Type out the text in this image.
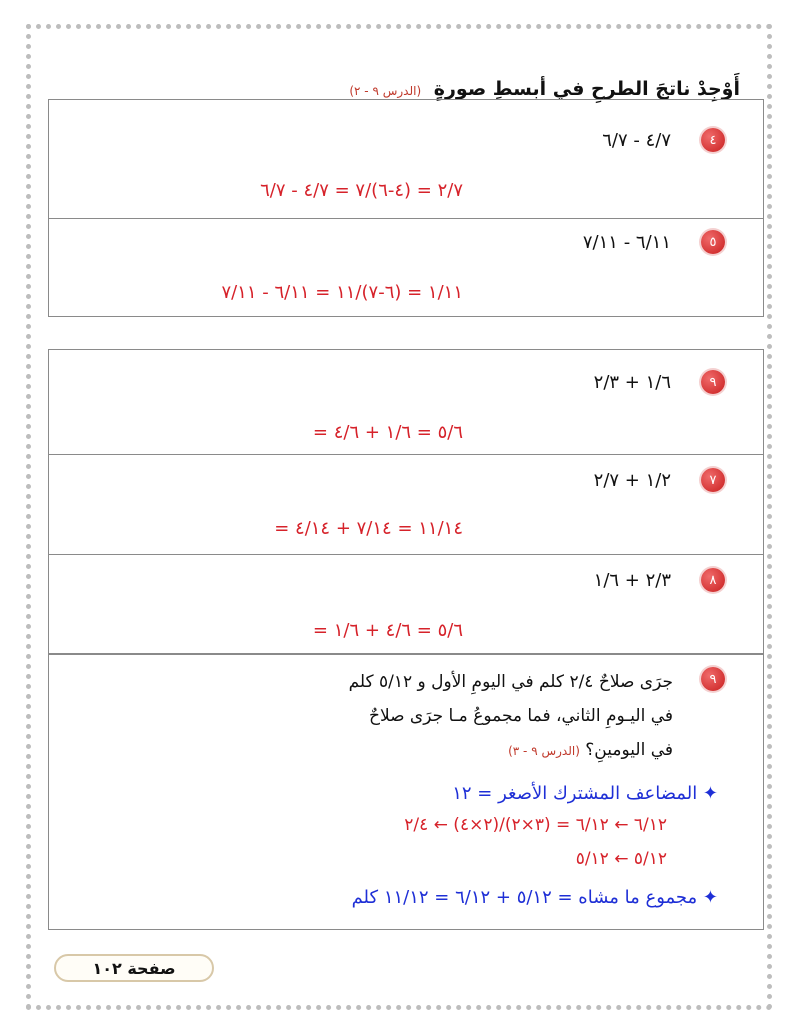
أَوْجِدْ ناتجَ الطرحِ في أبسطِ صورةٍ (الدرس ٩ - ٢)
٤
٤/٧ - ٦/٧
٢/٧ = (٤-٦)/٧ = ٤/٧ - ٦/٧
٥
٦/١١ - ٧/١١
١/١١ = (٦-٧)/١١ = ٦/١١ - ٧/١١
٩
١/٦ + ٢/٣
٥/٦ = ١/٦ + ٤/٦ =
٧
١/٢ + ٢/٧
١١/١٤ = ٧/١٤ + ٤/١٤ =
٨
٢/٣ + ١/٦
٥/٦ = ٤/٦ + ١/٦ =
٩
جرَى صلاحٌ ٢/٤ كلم في اليومِ الأول و ٥/١٢ كلم
في اليـومِ الثاني، فما مجموعُ مـا جرَى صلاحٌ
في اليومينِ؟ (الدرس ٩ - ٣)
✦ المضاعف المشترك الأصغر = ١٢
٦/١٢ ← ٦/١٢ = (٣×٢)/(٢×٤) ← ٢/٤
٥/١٢ ← ٥/١٢
✦ مجموع ما مشاه = ٥/١٢ + ٦/١٢ = ١١/١٢ كلم
صفحة ١٠٢
